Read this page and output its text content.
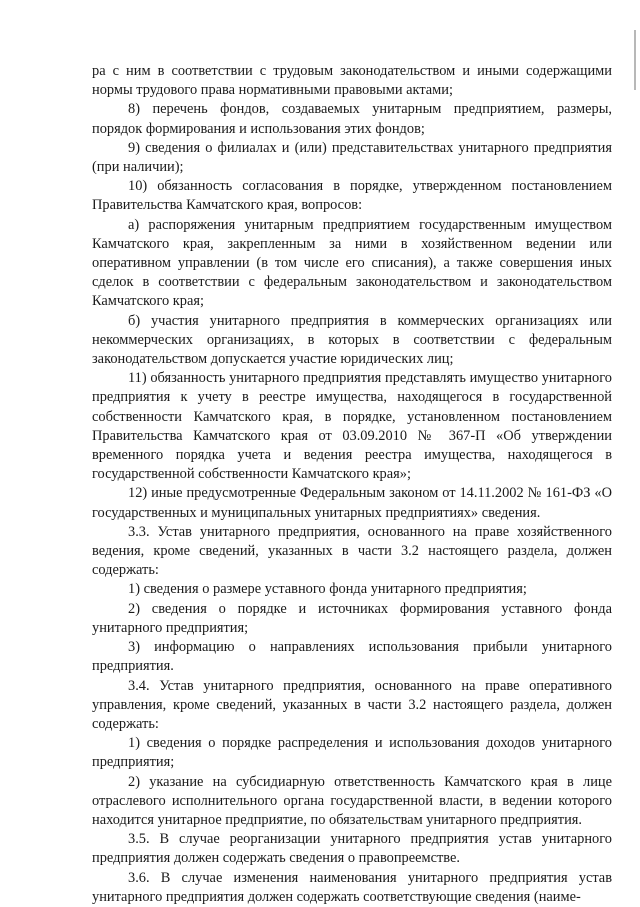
ра с ним в соответствии с трудовым законодательством и иными содержащими нормы трудового права нормативными правовыми актами;

8) перечень фондов, создаваемых унитарным предприятием, размеры, порядок формирования и использования этих фондов;

9) сведения о филиалах и (или) представительствах унитарного предприятия (при наличии);

10) обязанность согласования в порядке, утвержденном постановлением Правительства Камчатского края, вопросов:

а) распоряжения унитарным предприятием государственным имуществом Камчатского края, закрепленным за ними в хозяйственном ведении или оперативном управлении (в том числе его списания), а также совершения иных сделок в соответствии с федеральным законодательством и законодательством Камчатского края;

б) участия унитарного предприятия в коммерческих организациях или некоммерческих организациях, в которых в соответствии с федеральным законодательством допускается участие юридических лиц;

11) обязанность унитарного предприятия представлять имущество унитарного предприятия к учету в реестре имущества, находящегося в государственной собственности Камчатского края, в порядке, установленном постановлением Правительства Камчатского края от 03.09.2010 № 367-П «Об утверждении временного порядка учета и ведения реестра имущества, находящегося в государственной собственности Камчатского края»;

12) иные предусмотренные Федеральным законом от 14.11.2002 № 161-ФЗ «О государственных и муниципальных унитарных предприятиях» сведения.

3.3. Устав унитарного предприятия, основанного на праве хозяйственного ведения, кроме сведений, указанных в части 3.2 настоящего раздела, должен содержать:

1) сведения о размере уставного фонда унитарного предприятия;

2) сведения о порядке и источниках формирования уставного фонда унитарного предприятия;

3) информацию о направлениях использования прибыли унитарного предприятия.

3.4. Устав унитарного предприятия, основанного на праве оперативного управления, кроме сведений, указанных в части 3.2 настоящего раздела, должен содержать:

1) сведения о порядке распределения и использования доходов унитарного предприятия;

2) указание на субсидиарную ответственность Камчатского края в лице отраслевого исполнительного органа государственной власти, в ведении которого находится унитарное предприятие, по обязательствам унитарного предприятия.

3.5. В случае реорганизации унитарного предприятия устав унитарного предприятия должен содержать сведения о правопреемстве.

3.6. В случае изменения наименования унитарного предприятия устав унитарного предприятия должен содержать соответствующие сведения (наиме-
